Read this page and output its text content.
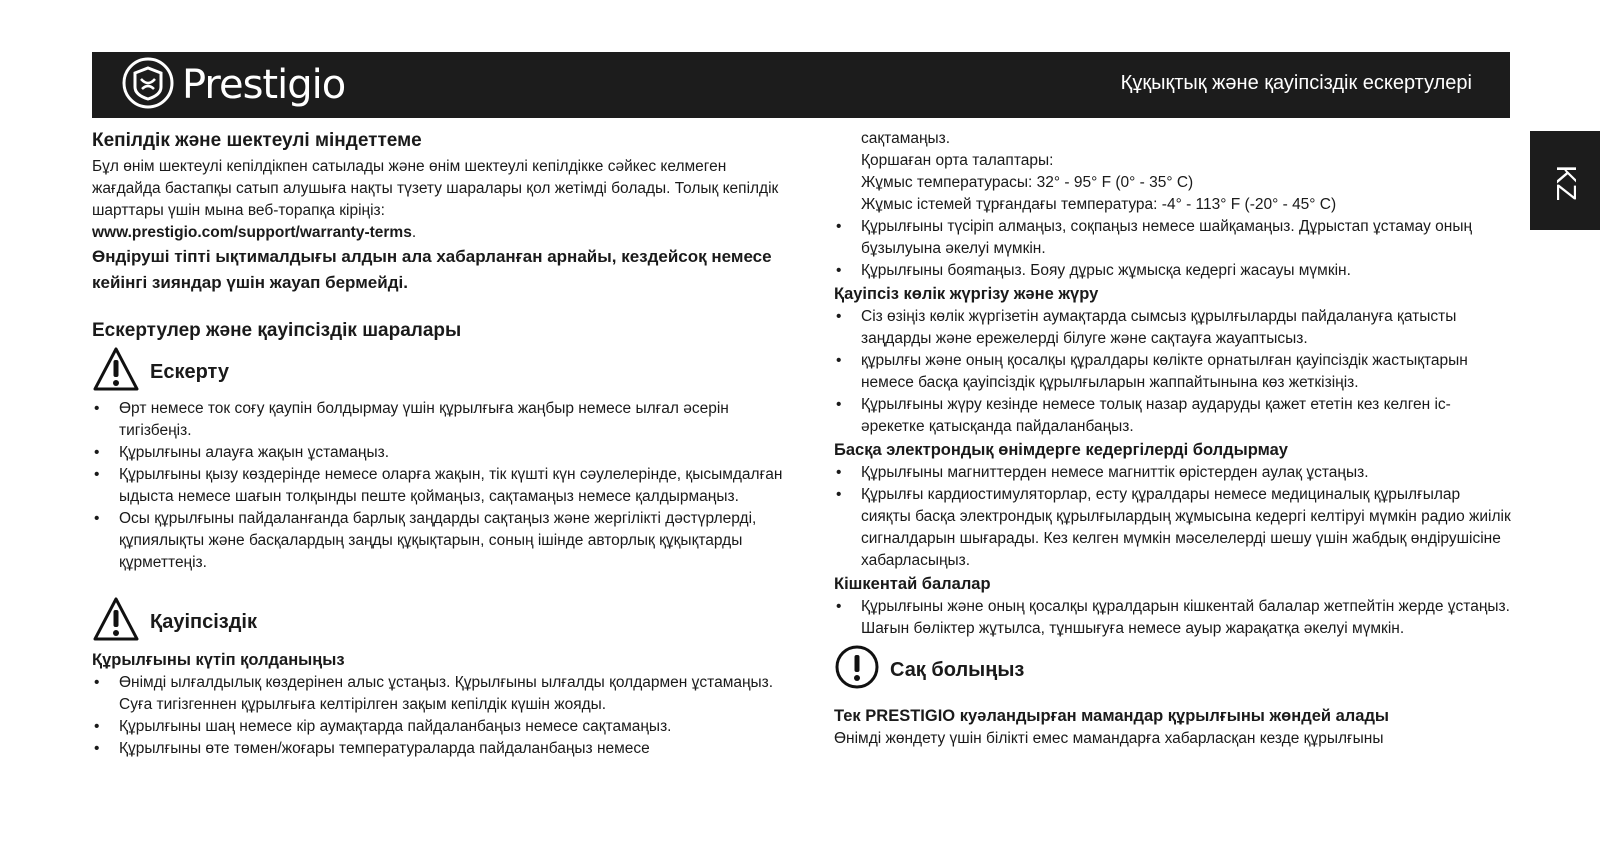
Prestigio	Құқықтық және қауіпсіздік ескертулері
KZ
Кепілдік және шектеулі міндеттеме

Бұл өнім шектеулі кепілдікпен сатылады және өнім шектеулі кепілдікке сәйкес келмеген жағдайда бастапқы сатып алушыға нақты түзету шаралары қол жетімді болады. Толық кепілдік шарттары үшін мына веб-торапқа кіріңіз:

www.prestigio.com/support/warranty-terms.

Өндіруші тіпті ықтималдығы алдын ала хабарланған арнайы, кездейсоқ немесе кейінгі зияндар үшін жауап бермейді.

Ескертулер және қауіпсіздік шаралары
Ескерту
• Өрт немесе ток соғу қаупін болдырмау үшін құрылғыға жаңбыр немесе ылғал әсерін тигізбеңіз.
• Құрылғыны алауға жақын ұстамаңыз.
• Құрылғыны қызу көздерінде немесе оларға жақын, тік күшті күн сәулелерінде, қысымдалған ыдыста немесе шағын толқынды пеште қоймаңыз, сақтамаңыз немесе қалдырмаңыз.
• Осы құрылғыны пайдаланғанда барлық заңдарды сақтаңыз және жергілікті дәстүрлерді, құпиялықты және басқалардың заңды құқықтарын, соның ішінде авторлық құқықтарды құрметтеңіз.
Қауіпсіздік
Құрылғыны күтіп қолданыңыз
• Өнімді ылғалдылық көздерінен алыс ұстаңыз. Құрылғыны ылғалды қолдармен ұстамаңыз. Суға тигізгеннен құрылғыға келтірілген зақым кепілдік күшін жояды.
• Құрылғыны шаң немесе кір аумақтарда пайдаланбаңыз немесе сақтамаңыз.
• Құрылғыны өте төмен/жоғары температураларда пайдаланбаңыз немесе

сақтамаңыз.

Қоршаған орта талаптары:

Жұмыс температурасы: 32° - 95° F (0° - 35° C)

Жұмыс істемей тұрғандағы температура: -4° - 113° F (-20° - 45° C)

• Құрылғыны түсіріп алмаңыз, соқпаңыз немесе шайқамаңыз. Дұрыстап ұстамау оның бұзылуына әкелуі мүмкін.
• Құрылғыны бояmaңыз. Бояу дұрыс жұмысқа кедергі жасауы мүмкін.
Қауіпсіз көлік жүргізу және жүру
• Сіз өзіңіз көлік жүргізетін аумақтарда сымсыз құрылғыларды пайдалануға қатысты заңдарды және ережелерді білуге және сақтауға жауаптысыз.
• құрылғы және оның қосалқы құралдары көлікте орнатылған қауіпсіздік жастықтарын немесе басқа қауіпсіздік құрылғыларын жаппайтынына көз жеткізіңіз.
• Құрылғыны жүру кезінде немесе толық назар аударуды қажет ететін кез келген іс-әрекетке қатысқанда пайдаланбаңыз.
Басқа электрондық өнімдерге кедергілерді болдырмау
• Құрылғыны магниттерден немесе магниттік өрістерден аулақ ұстаңыз.
• Құрылғы кардиостимуляторлар, есту құралдары немесе медициналық құрылғылар сияқты басқа электрондық құрылғылардың жұмысына кедергі келтіруі мүмкін радио жиілік сигналдарын шығарады. Кез келген мүмкін мәселелерді шешу үшін жабдық өндірушісіне хабарласыңыз.
Кішкентай балалар
• Құрылғыны және оның қосалқы құралдарын кішкентай балалар жетпейтін жерде ұстаңыз. Шағын бөліктер жұтылса, тұншығуға немесе ауыр жарақатқа әкелуі мүмкін.
Сақ болыңыз
Тек PRESTIGIO куәландырған мамандар құрылғыны жөндей алады

Өнімді жөндету үшін білікті емес мамандарға хабарласқан кезде құрылғыны
